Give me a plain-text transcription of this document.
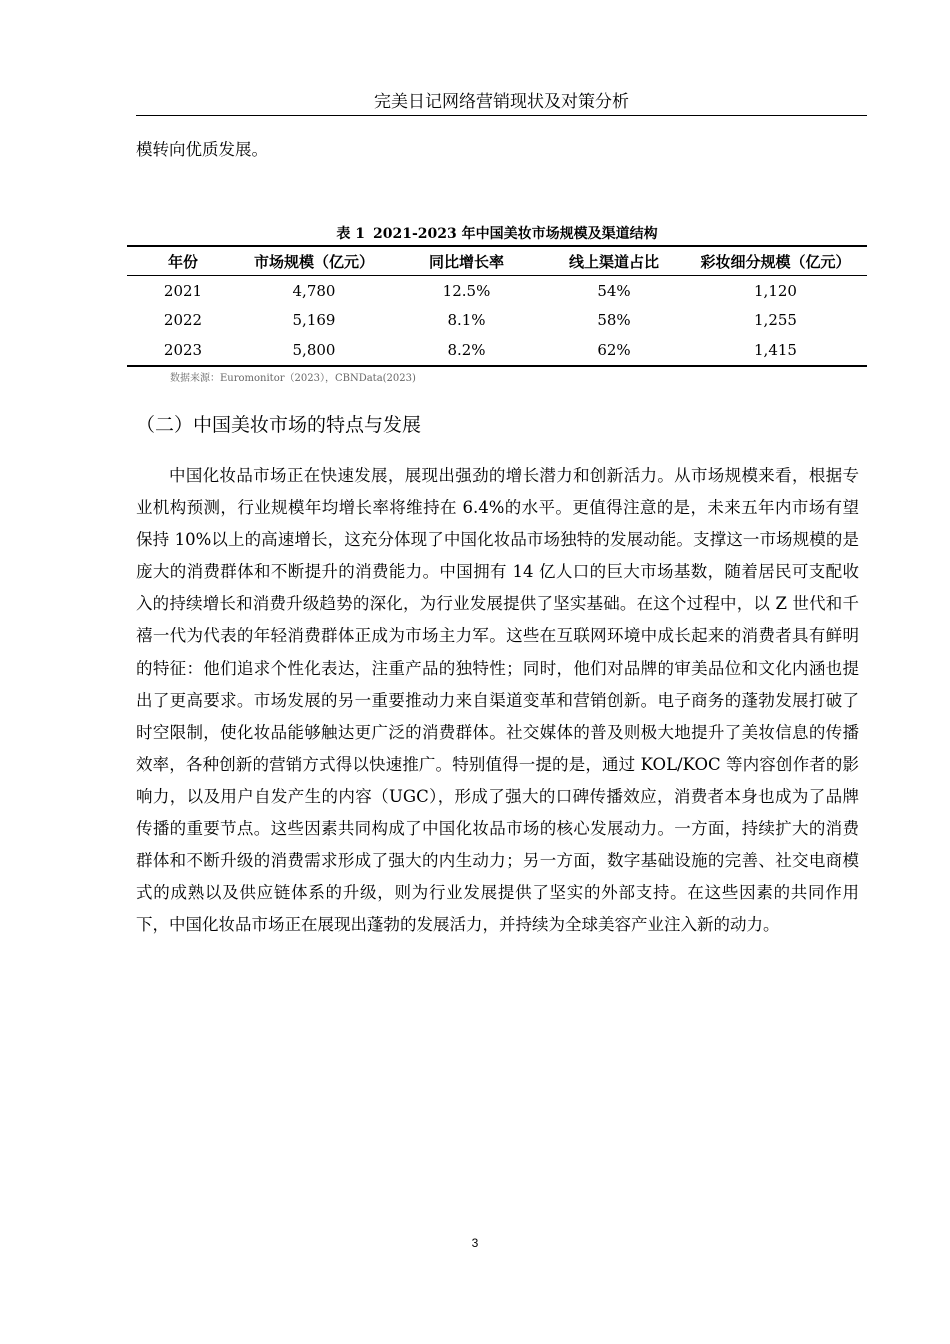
完美日记网络营销现状及对策分析
模转向优质发展。
表 1 2021-2023 年中国美妆市场规模及渠道结构
年份	市场规模（亿元）	同比增长率	线上渠道占比	彩妆细分规模（亿元）
2021	4,780	12.5%	54%	1,120
2022	5,169	8.1%	58%	1,255
2023	5,800	8.2%	62%	1,415
数据来源：Euromonitor（2023），CBNData(2023)
（二）中国美妆市场的特点与发展

中国化妆品市场正在快速发展，展现出强劲的增长潜力和创新活力。从市场规模来看，根据专业机构预测，行业规模年均增长率将维持在 6.4%的水平。更值得注意的是，未来五年内市场有望保持 10%以上的高速增长，这充分体现了中国化妆品市场独特的发展动能。支撑这一市场规模的是庞大的消费群体和不断提升的消费能力。中国拥有 14 亿人口的巨大市场基数，随着居民可支配收入的持续增长和消费升级趋势的深化，为行业发展提供了坚实基础。在这个过程中，以 Z 世代和千禧一代为代表的年轻消费群体正成为市场主力军。这些在互联网环境中成长起来的消费者具有鲜明的特征：他们追求个性化表达，注重产品的独特性；同时，他们对品牌的审美品位和文化内涵也提出了更高要求。市场发展的另一重要推动力来自渠道变革和营销创新。电子商务的蓬勃发展打破了时空限制，使化妆品能够触达更广泛的消费群体。社交媒体的普及则极大地提升了美妆信息的传播效率，各种创新的营销方式得以快速推广。特别值得一提的是，通过 KOL/KOC 等内容创作者的影响力，以及用户自发产生的内容（UGC），形成了强大的口碑传播效应，消费者本身也成为了品牌传播的重要节点。这些因素共同构成了中国化妆品市场的核心发展动力。一方面，持续扩大的消费群体和不断升级的消费需求形成了强大的内生动力；另一方面，数字基础设施的完善、社交电商模式的成熟以及供应链体系的升级，则为行业发展提供了坚实的外部支持。在这些因素的共同作用下，中国化妆品市场正在展现出蓬勃的发展活力，并持续为全球美容产业注入新的动力。

3
